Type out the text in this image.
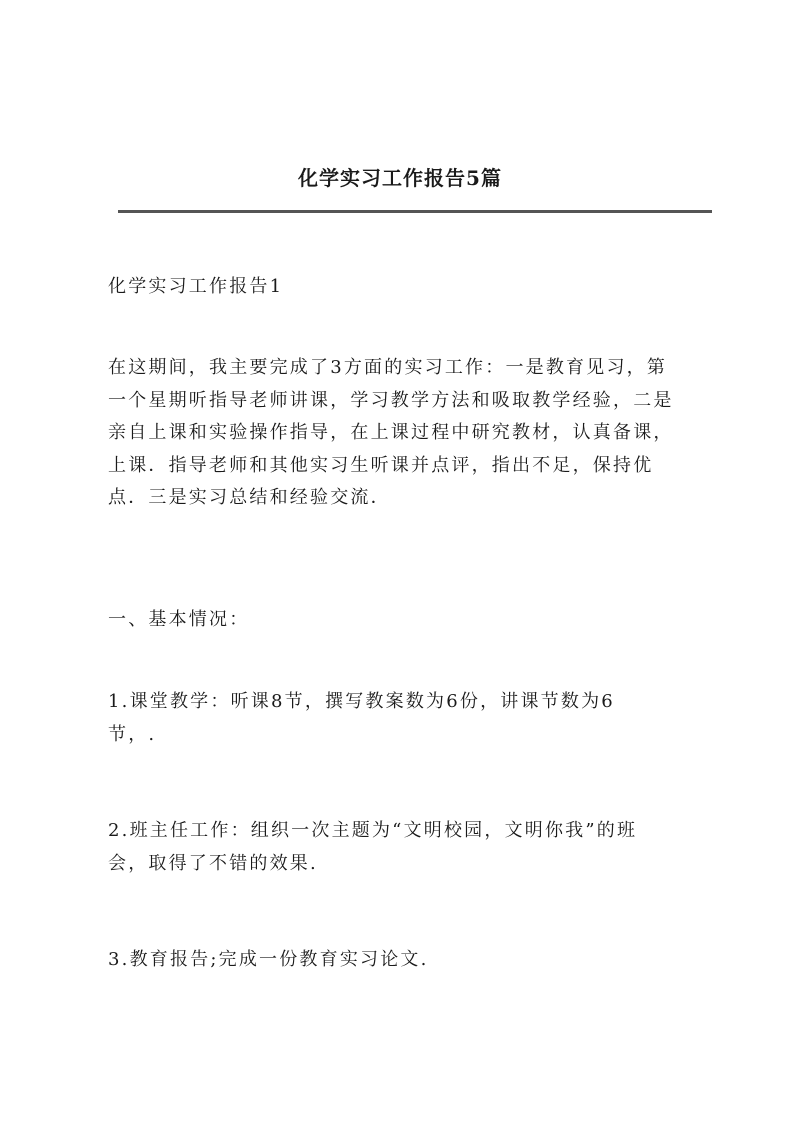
化学实习工作报告5篇

化学实习工作报告1

在这期间，我主要完成了3方面的实习工作：一是教育见习，第
一个星期听指导老师讲课，学习教学方法和吸取教学经验，二是
亲自上课和实验操作指导，在上课过程中研究教材，认真备课，
上课．指导老师和其他实习生听课并点评，指出不足，保持优
点．三是实习总结和经验交流．

一、基本情况：

1.课堂教学：听课8节，撰写教案数为6份，讲课节数为6
节，.

2.班主任工作：组织一次主题为“文明校园，文明你我”的班
会，取得了不错的效果.

3.教育报告;完成一份教育实习论文.
